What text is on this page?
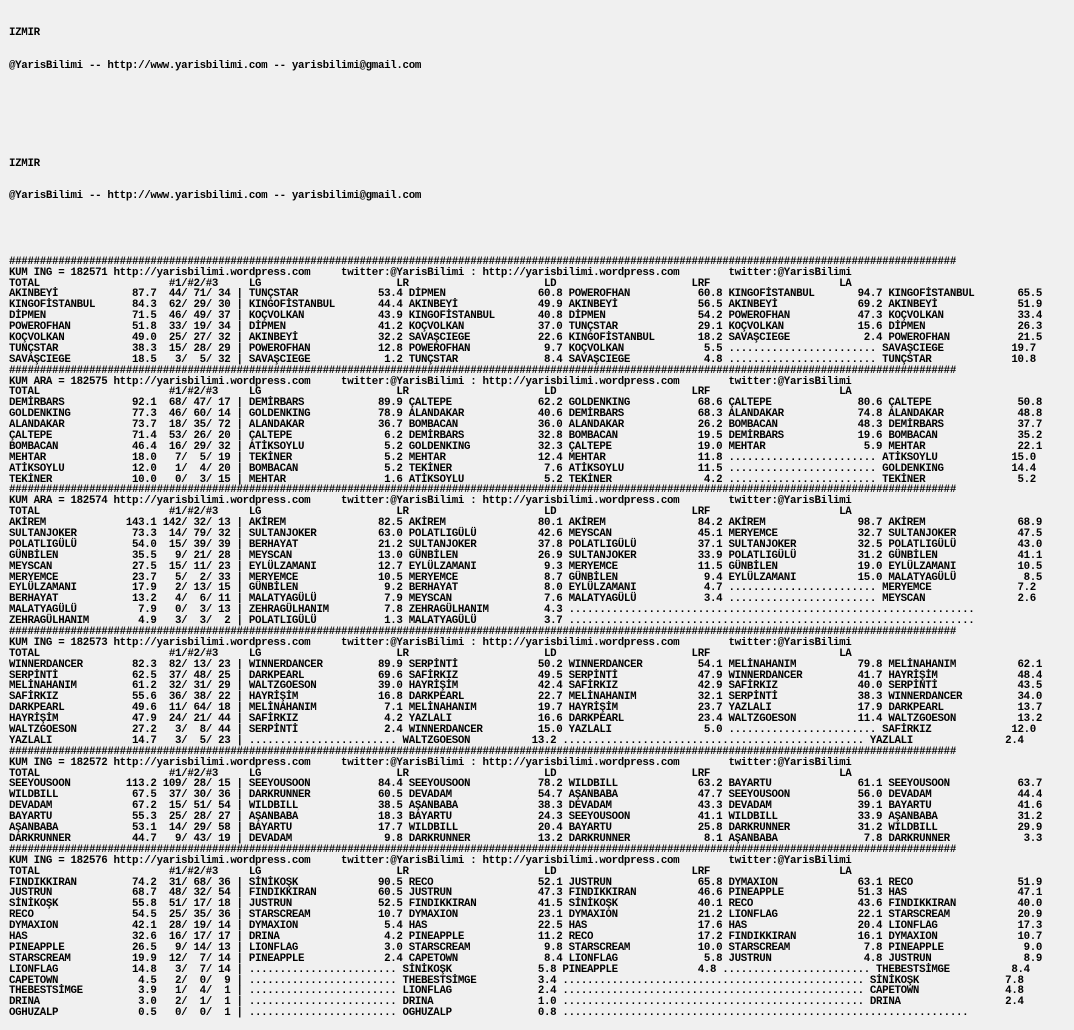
IZMIR

@YarisBilimi -- http://www.yarisbilimi.com -- yarisbilimi@gmail.com

IZMIR

@YarisBilimi -- http://www.yarisbilimi.com -- yarisbilimi@gmail.com

##########################################################################################################################################################
KUM ING = 182571 http://yarisbilimi.wordpress.com     twitter:@YarisBilimi : http://yarisbilimi.wordpress.com        twitter:@YarisBilimi
TOTAL                     #1/#2/#3     LG                      LR                      LD                      LRF                     LA
AKINBEYİ            87.7  44/ 71/ 34 | TUNÇSTAR             53.4 DİPMEN               60.8 POWEROFHAN           60.8 KINGOFİSTANBUL       94.7 KINGOFİSTANBUL       65.5
KINGOFİSTANBUL      84.3  62/ 29/ 30 | KINGOFİSTANBUL       44.4 AKINBEYİ             49.9 AKINBEYİ             56.5 AKINBEYİ             69.2 AKINBEYİ             51.9
DİPMEN              71.5  46/ 49/ 37 | KOÇVOLKAN            43.9 KINGOFİSTANBUL       40.8 DİPMEN               54.2 POWEROFHAN           47.3 KOÇVOLKAN            33.4
POWEROFHAN          51.8  33/ 19/ 34 | DİPMEN               41.2 KOÇVOLKAN            37.0 TUNÇSTAR             29.1 KOÇVOLKAN            15.6 DİPMEN               26.3
KOÇVOLKAN           49.0  25/ 27/ 32 | AKINBEYİ             32.2 SAVAŞCIEGE           22.6 KINGOFİSTANBUL       18.2 SAVAŞCIEGE            2.4 POWEROFHAN           21.5
TUNÇSTAR            38.3  15/ 28/ 29 | POWEROFHAN           12.8 POWEROFHAN            9.7 KOÇVOLKAN             5.5 ........................ SAVAŞCIEGE           19.7
SAVAŞCIEGE          18.5   3/  5/ 32 | SAVAŞCIEGE            1.2 TUNÇSTAR              8.4 SAVAŞCIEGE            4.8 ........................ TUNÇSTAR             10.8
##########################################################################################################################################################
KUM ARA = 182575 http://yarisbilimi.wordpress.com     twitter:@YarisBilimi : http://yarisbilimi.wordpress.com        twitter:@YarisBilimi
TOTAL                     #1/#2/#3     LG                      LR                      LD                      LRF                     LA
DEMİRBARS           92.1  68/ 47/ 17 | DEMİRBARS            89.9 ÇALTEPE              62.2 GOLDENKING           68.6 ÇALTEPE              80.6 ÇALTEPE              50.8
GOLDENKING          77.3  46/ 60/ 14 | GOLDENKING           78.9 ALANDAKAR            40.6 DEMİRBARS            68.3 ALANDAKAR            74.8 ALANDAKAR            48.8
ALANDAKAR           73.7  18/ 35/ 72 | ALANDAKAR            36.7 BOMBACAN             36.0 ALANDAKAR            26.2 BOMBACAN             48.3 DEMİRBARS            37.7
ÇALTEPE             71.4  53/ 26/ 20 | ÇALTEPE               6.2 DEMİRBARS            32.8 BOMBACAN             19.5 DEMİRBARS            19.6 BOMBACAN             35.2
BOMBACAN            46.4  16/ 29/ 32 | ATİKSOYLU             5.2 GOLDENKING           32.3 ÇALTEPE              19.0 MEHTAR                5.9 MEHTAR               22.1
MEHTAR              18.0   7/  5/ 19 | TEKİNER               5.2 MEHTAR               12.4 MEHTAR               11.8 ........................ ATİKSOYLU            15.0
ATİKSOYLU           12.0   1/  4/ 20 | BOMBACAN              5.2 TEKİNER               7.6 ATİKSOYLU            11.5 ........................ GOLDENKING           14.4
TEKİNER             10.0   0/  3/ 15 | MEHTAR                1.6 ATİKSOYLU             5.2 TEKİNER               4.2 ........................ TEKİNER               5.2
##########################################################################################################################################################
KUM ARA = 182574 http://yarisbilimi.wordpress.com     twitter:@YarisBilimi : http://yarisbilimi.wordpress.com        twitter:@YarisBilimi
TOTAL                     #1/#2/#3     LG                      LR                      LD                      LRF                     LA
AKİREM             143.1 142/ 32/ 13 | AKİREM               82.5 AKİREM               80.1 AKİREM               84.2 AKİREM               98.7 AKİREM               68.9
SULTANJOKER         73.3  14/ 79/ 32 | SULTANJOKER          63.0 POLATLIGÜLÜ          42.6 MEYSCAN              45.1 MERYEMCE             32.7 SULTANJOKER          47.5
POLATLIGÜLÜ         54.0  15/ 39/ 39 | BERHAYAT             21.2 SULTANJOKER          37.8 POLATLIGÜLÜ          37.1 SULTANJOKER          32.5 POLATLIGÜLÜ          43.0
GÜNBİLEN            35.5   9/ 21/ 28 | MEYSCAN              13.0 GÜNBİLEN             26.9 SULTANJOKER          33.9 POLATLIGÜLÜ          31.2 GÜNBİLEN             41.1
MEYSCAN             27.5  15/ 11/ 23 | EYLÜLZAMANI          12.7 EYLÜLZAMANI           9.3 MERYEMCE             11.5 GÜNBİLEN             19.0 EYLÜLZAMANI          10.5
MERYEMCE            23.7   5/  2/ 33 | MERYEMCE             10.5 MERYEMCE              8.7 GÜNBİLEN              9.4 EYLÜLZAMANI          15.0 MALATYAGÜLÜ           8.5
EYLÜLZAMANI         17.9   2/ 13/ 15 | GÜNBİLEN              9.2 BERHAYAT              8.0 EYLÜLZAMANI           4.7 ........................ MERYEMCE              7.2
BERHAYAT            13.2   4/  6/ 11 | MALATYAGÜLÜ           7.9 MEYSCAN               7.6 MALATYAGÜLÜ           3.4 ........................ MEYSCAN               2.6
MALATYAGÜLÜ          7.9   0/  3/ 13 | ZEHRAGÜLHANIM         7.8 ZEHRAGÜLHANIM         4.3 ..................................................................
ZEHRAGÜLHANIM        4.9   3/  3/  2 | POLATLIGÜLÜ           1.3 MALATYAGÜLÜ           3.7 ..................................................................
##########################################################################################################################################################
KUM ING = 182573 http://yarisbilimi.wordpress.com     twitter:@YarisBilimi : http://yarisbilimi.wordpress.com        twitter:@YarisBilimi
TOTAL                     #1/#2/#3     LG                      LR                      LD                      LRF                     LA
WINNERDANCER        82.3  82/ 13/ 23 | WINNERDANCER         89.9 SERPİNTİ             50.2 WINNERDANCER         54.1 MELİNAHANIM          79.8 MELİNAHANIM          62.1
SERPİNTİ            62.5  37/ 48/ 25 | DARKPEARL            69.6 SAFİRKIZ             49.5 SERPİNTİ             47.9 WINNERDANCER         41.7 HAYRİŞİM             48.4
MELİNAHANIM         61.2  32/ 31/ 29 | WALTZGOESON          39.0 HAYRİŞİM             42.4 SAFİRKIZ             42.9 SAFİRKIZ             40.0 SERPİNTİ             43.5
SAFİRKIZ            55.6  36/ 38/ 22 | HAYRİŞİM             16.8 DARKPEARL            22.7 MELİNAHANIM          32.1 SERPİNTİ             38.3 WINNERDANCER         34.0
DARKPEARL           49.6  11/ 64/ 18 | MELİNAHANIM           7.1 MELİNAHANIM          19.7 HAYRİŞİM             23.7 YAZLALI              17.9 DARKPEARL            13.7
HAYRİŞİM            47.9  24/ 21/ 44 | SAFİRKIZ              4.2 YAZLALI              16.6 DARKPEARL            23.4 WALTZGOESON          11.4 WALTZGOESON          13.2
WALTZGOESON         27.2   3/  8/ 44 | SERPİNTİ              2.4 WINNERDANCER         15.0 YAZLALI               5.0 ........................ SAFİRKIZ             12.0
YAZLALI             14.7   3/  5/ 23 | ........................ WALTZGOESON          13.2 ................................................. YAZLALI               2.4
##########################################################################################################################################################
KUM ING = 182572 http://yarisbilimi.wordpress.com     twitter:@YarisBilimi : http://yarisbilimi.wordpress.com        twitter:@YarisBilimi
TOTAL                     #1/#2/#3     LG                      LR                      LD                      LRF                     LA
SEEYOUSOON         113.2 109/ 28/ 15 | SEEYOUSOON           84.4 SEEYOUSOON           78.2 WILDBILL             63.2 BAYARTU              61.1 SEEYOUSOON           63.7
WILDBILL            67.5  37/ 30/ 36 | DARKRUNNER           60.5 DEVADAM              54.7 AŞANBABA             47.7 SEEYOUSOON           56.0 DEVADAM              44.4
DEVADAM             67.2  15/ 51/ 54 | WILDBILL             38.5 AŞANBABA             38.3 DEVADAM              43.3 DEVADAM              39.1 BAYARTU              41.6
BAYARTU             55.3  25/ 28/ 27 | AŞANBABA             18.3 BAYARTU              24.3 SEEYOUSOON           41.1 WILDBILL             33.9 AŞANBABA             31.2
AŞANBABA            53.1  14/ 29/ 58 | BAYARTU              17.7 WILDBILL             20.4 BAYARTU              25.8 DARKRUNNER           31.2 WILDBILL             29.9
DARKRUNNER          44.7   9/ 43/ 19 | DEVADAM               9.8 DARKRUNNER           13.2 DARKRUNNER            8.1 AŞANBABA              7.8 DARKRUNNER            3.3
##########################################################################################################################################################
KUM ING = 182576 http://yarisbilimi.wordpress.com     twitter:@YarisBilimi : http://yarisbilimi.wordpress.com        twitter:@YarisBilimi
TOTAL                     #1/#2/#3     LG                      LR                      LD                      LRF                     LA
FINDIKKIRAN         74.2  31/ 68/ 36 | SİNİKOŞK             90.5 RECO                 52.1 JUSTRUN              65.8 DYMAXION             63.1 RECO                 51.9
JUSTRUN             68.7  48/ 32/ 54 | FINDIKKIRAN          60.5 JUSTRUN              47.3 FINDIKKIRAN          46.6 PINEAPPLE            51.3 HAS                  47.1
SİNİKOŞK            55.8  51/ 17/ 18 | JUSTRUN              52.5 FINDIKKIRAN          41.5 SİNİKOŞK             40.1 RECO                 43.6 FINDIKKIRAN          40.0
RECO                54.5  25/ 35/ 36 | STARSCREAM           10.7 DYMAXION             23.1 DYMAXION             21.2 LIONFLAG             22.1 STARSCREAM           20.9
DYMAXION            42.1  28/ 19/ 14 | DYMAXION              5.4 HAS                  22.5 HAS                  17.6 HAS                  20.4 LIONFLAG             17.3
HAS                 32.6  16/ 17/ 17 | DRINA                 4.2 PINEAPPLE            11.2 RECO                 17.2 FINDIKKIRAN          16.1 DYMAXION             10.7
PINEAPPLE           26.5   9/ 14/ 13 | LIONFLAG              3.0 STARSCREAM            9.8 STARSCREAM           10.0 STARSCREAM            7.8 PINEAPPLE             9.0
STARSCREAM          19.9  12/  7/ 14 | PINEAPPLE             2.4 CAPETOWN              8.4 LIONFLAG              5.8 JUSTRUN               4.8 JUSTRUN               8.9
LIONFLAG            14.8   3/  7/ 14 | ........................ SİNİKOŞK              5.8 PINEAPPLE             4.8 ........................ THEBESTSİMGE          8.4
CAPETOWN             4.5   2/  0/  9 | ........................ THEBESTSİMGE          3.4 ................................................. SİNİKOŞK              7.8
THEBESTSİMGE         3.9   1/  4/  1 | ........................ LIONFLAG              2.4 ................................................. CAPETOWN              4.8
DRINA                3.0   2/  1/  1 | ........................ DRINA                 1.0 ................................................. DRINA                 2.4
OGHUZALP             0.5   0/  0/  1 | ........................ OGHUZALP              0.8 ..................................................................
